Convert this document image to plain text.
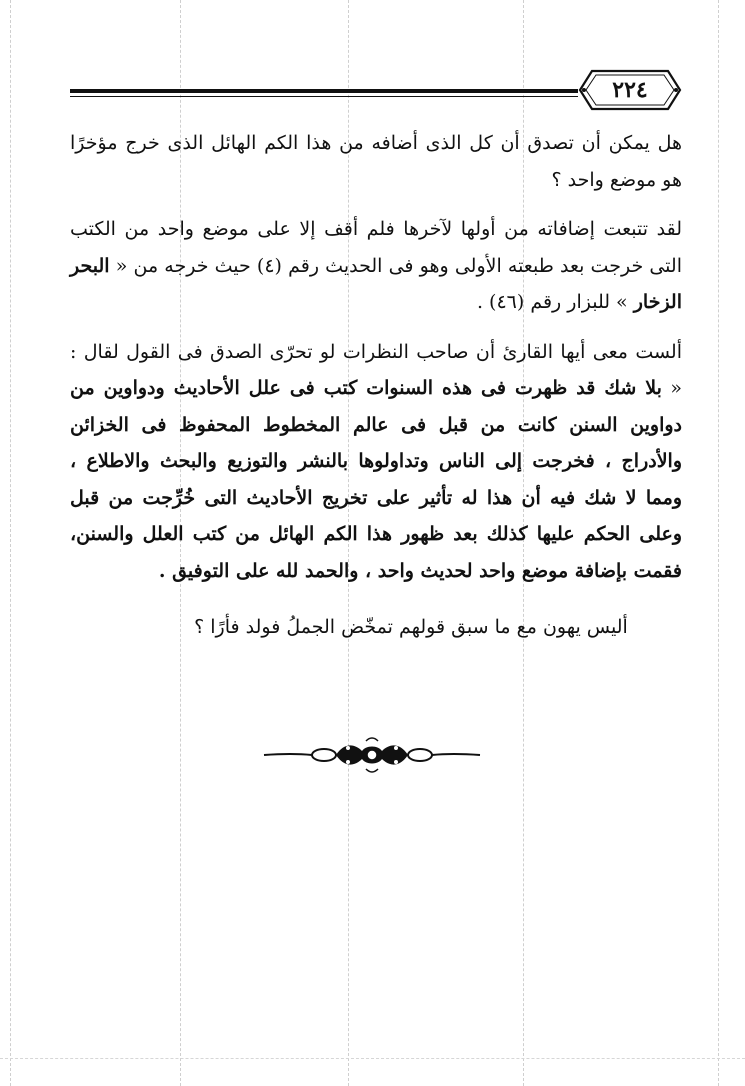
٢٢٤

هل يمكن أن تصدق أن كل الذى أضافه من هذا الكم الهائل الذى خرج مؤخرًا هو موضع واحد ؟

لقد تتبعت إضافاته من أولها لآخرها فلم أقف إلا على موضع واحد من الكتب التى خرجت بعد طبعته الأولى وهو فى الحديث رقم (٤) حيث خرجه من « البحر الزخار » للبزار رقم (٤٦) .

ألست معى أيها القارئ أن صاحب النظرات لو تحرّى الصدق فى القول لقال : « بلا شك قد ظهرت فى هذه السنوات كتب فى علل الأحاديث ودواوين من دواوين السنن كانت من قبل فى عالم المخطوط المحفوظ فى الخزائن والأدراج ، فخرجت إلى الناس وتداولوها بالنشر والتوزيع والبحث والاطلاع ، ومما لا شك فيه أن هذا له تأثير على تخريج الأحاديث التى خُرِّجت من قبل وعلى الحكم عليها كذلك بعد ظهور هذا الكم الهائل من كتب العلل والسنن، فقمت بإضافة موضع واحد لحديث واحد ، والحمد لله على التوفيق .

أليس يهون مع ما سبق قولهم تمخّض الجملُ فولد فأرًا ؟
